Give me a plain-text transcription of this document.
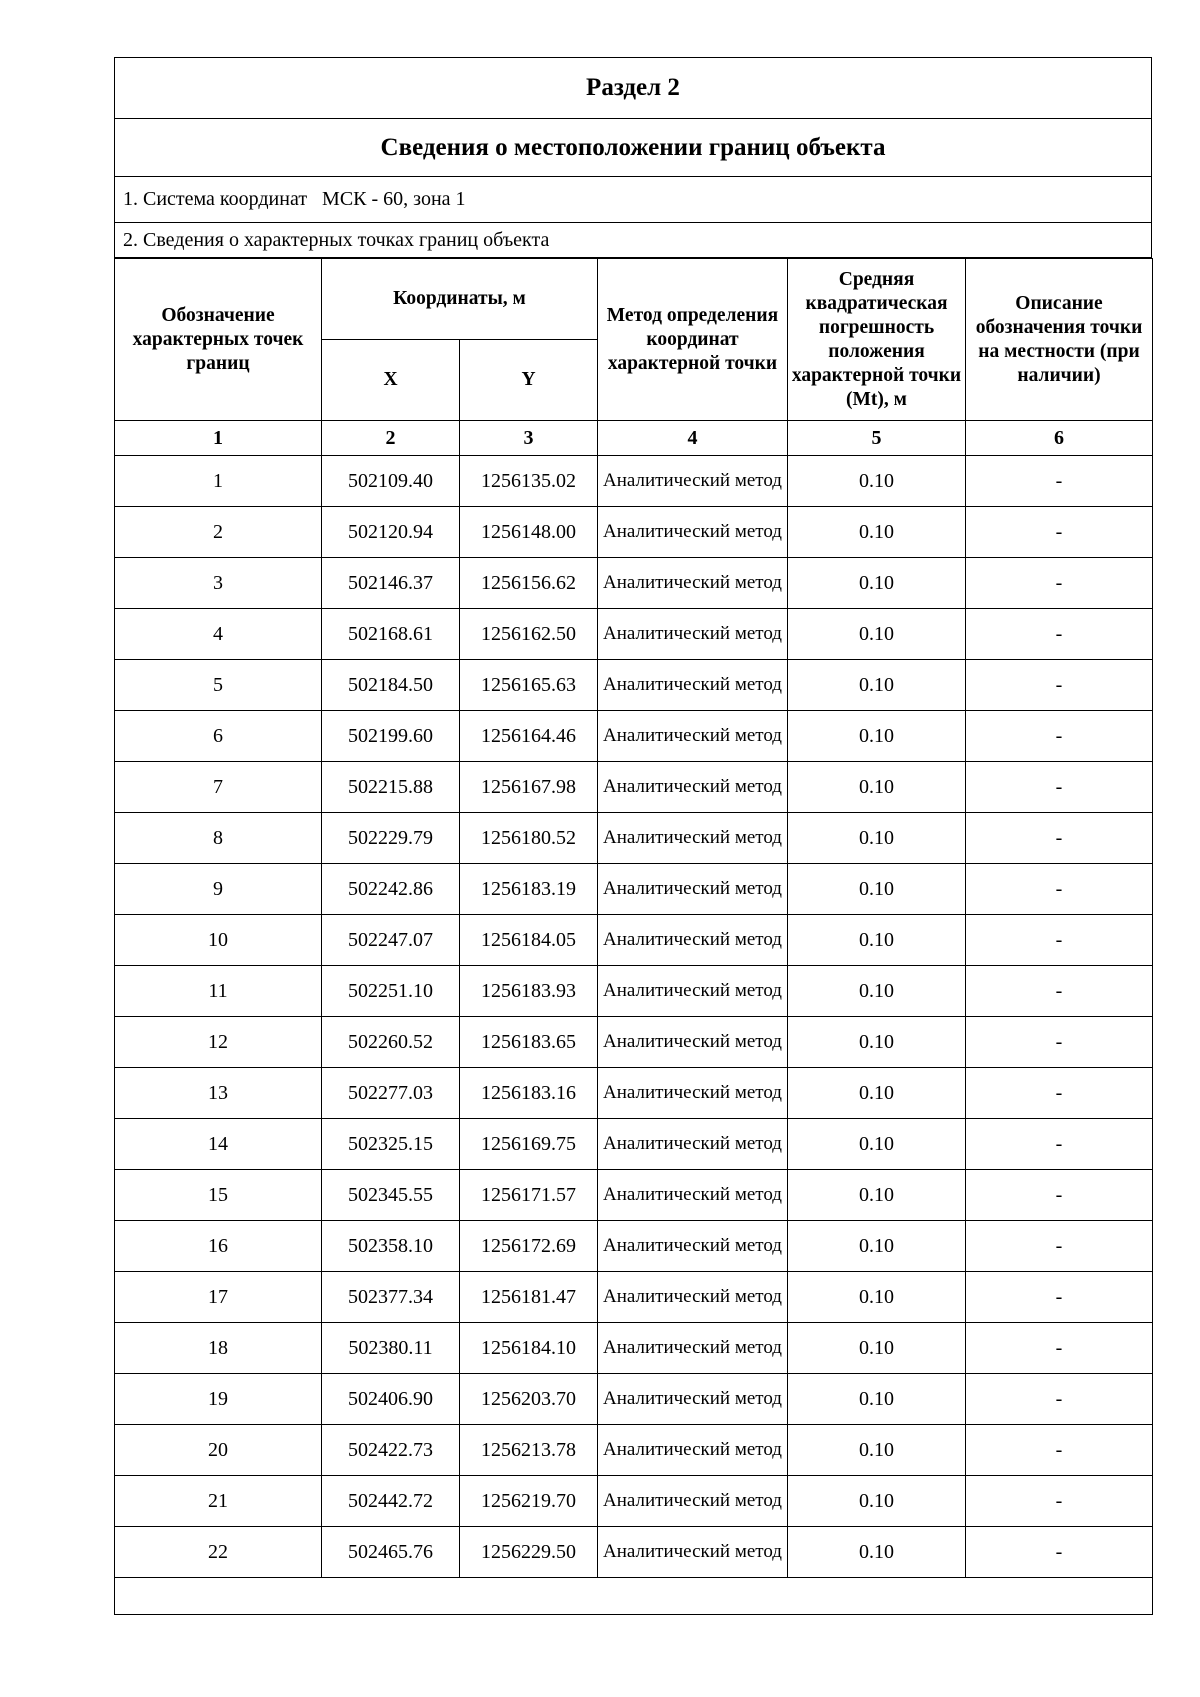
Раздел 2
Сведения о местоположении границ объекта
1. Система координат   МСК - 60, зона 1
2. Сведения о характерных точках границ объекта
Обозначение характерных точек границ	Координаты, м		Метод определения координат характерной точки	Средняя квадратическая погрешность положения характерной точки (Mt), м	Описание обозначения точки на местности (при наличии)
	X	Y			
1	2	3	4	5	6
1	502109.40	1256135.02	Аналитический метод	0.10	-
2	502120.94	1256148.00	Аналитический метод	0.10	-
3	502146.37	1256156.62	Аналитический метод	0.10	-
4	502168.61	1256162.50	Аналитический метод	0.10	-
5	502184.50	1256165.63	Аналитический метод	0.10	-
6	502199.60	1256164.46	Аналитический метод	0.10	-
7	502215.88	1256167.98	Аналитический метод	0.10	-
8	502229.79	1256180.52	Аналитический метод	0.10	-
9	502242.86	1256183.19	Аналитический метод	0.10	-
10	502247.07	1256184.05	Аналитический метод	0.10	-
11	502251.10	1256183.93	Аналитический метод	0.10	-
12	502260.52	1256183.65	Аналитический метод	0.10	-
13	502277.03	1256183.16	Аналитический метод	0.10	-
14	502325.15	1256169.75	Аналитический метод	0.10	-
15	502345.55	1256171.57	Аналитический метод	0.10	-
16	502358.10	1256172.69	Аналитический метод	0.10	-
17	502377.34	1256181.47	Аналитический метод	0.10	-
18	502380.11	1256184.10	Аналитический метод	0.10	-
19	502406.90	1256203.70	Аналитический метод	0.10	-
20	502422.73	1256213.78	Аналитический метод	0.10	-
21	502442.72	1256219.70	Аналитический метод	0.10	-
22	502465.76	1256229.50	Аналитический метод	0.10	-
